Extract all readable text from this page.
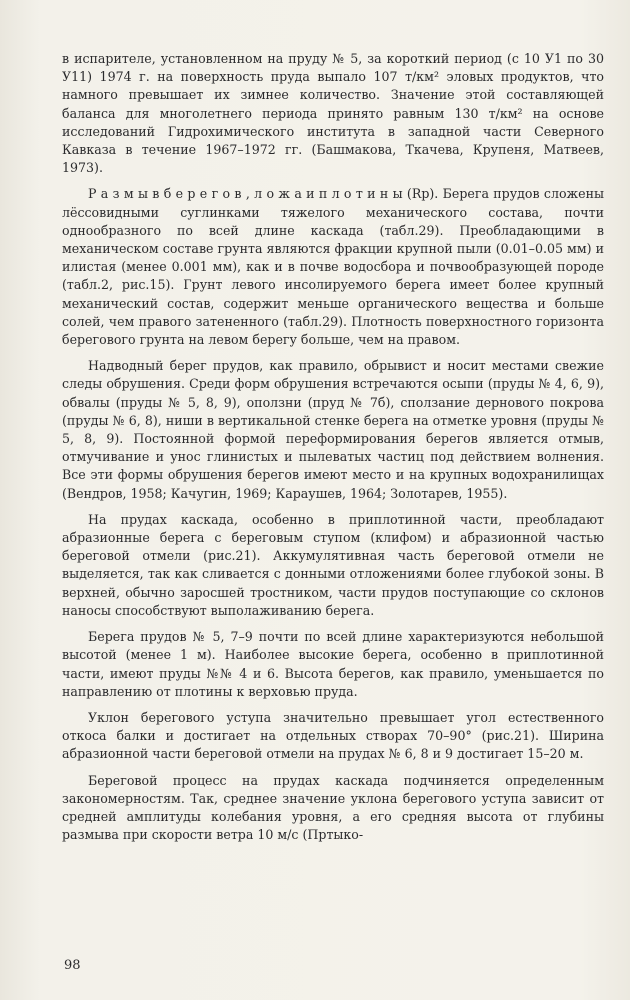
в испарителе, установленном на пруду № 5, за короткий период (с 10 У1 по 30 У11) 1974 г. на поверхность пруда выпало 107 т/км² эловых продуктов, что намного превышает их зимнее количество. Значение этой составляющей баланса для многолетнего периода принято равным 130 т/км² на основе исследований Гидрохимического института в западной части Северного Кавказа в течение 1967–1972 гг. (Башмакова, Ткачева, Крупеня, Матвеев, 1973).

Р а з м ы в б е р е г о в , л о ж а и п л о т и н ы (Rр). Берега прудов сложены лёссовидными суглинками тяжелого механического состава, почти однообразного по всей длине каскада (табл.29). Преобладающими в механическом составе грунта являются фракции крупной пыли (0.01–0.05 мм) и илистая (менее 0.001 мм), как и в почве водосбора и почвообразующей породе (табл.2, рис.15). Грунт левого инсолируемого берега имеет более крупный механический состав, содержит меньше органического вещества и больше солей, чем правого затененного (табл.29). Плотность поверхностного горизонта берегового грунта на левом берегу больше, чем на правом.

Надводный берег прудов, как правило, обрывист и носит местами свежие следы обрушения. Среди форм обрушения встречаются осыпи (пруды № 4, 6, 9), обвалы (пруды № 5, 8, 9), оползни (пруд № 7б), сползание дернового покрова (пруды № 6, 8), ниши в вертикальной стенке берега на отметке уровня (пруды № 5, 8, 9). Постоянной формой переформирования берегов является отмыв, отмучивание и унос глинистых и пылеватых частиц под действием волнения. Все эти формы обрушения берегов имеют место и на крупных водохранилищах (Вендров, 1958; Качугин, 1969; Караушев, 1964; Золотарев, 1955).

На прудах каскада, особенно в приплотинной части, преобладают абразионные берега с береговым ступом (клифом) и абразионной частью береговой отмели (рис.21). Аккумулятивная часть береговой отмели не выделяется, так как сливается с донными отложениями более глубокой зоны. В верхней, обычно заросшей тростником, части прудов поступающие со склонов наносы способствуют выполаживанию берега.

Берега прудов № 5, 7–9 почти по всей длине характеризуются небольшой высотой (менее 1 м). Наиболее высокие берега, особенно в приплотинной части, имеют пруды №№ 4 и 6. Высота берегов, как правило, уменьшается по направлению от плотины к верховью пруда.

Уклон берегового уступа значительно превышает угол естественного откоса балки и достигает на отдельных створах 70–90° (рис.21). Ширина абразионной части береговой отмели на прудах № 6, 8 и 9 достигает 15–20 м.

Береговой процесс на прудах каскада подчиняется определенным закономерностям. Так, среднее значение уклона берегового уступа зависит от средней амплитуды колебания уровня, а его средняя высота от глубины размыва при скорости ветра 10 м/с (Пртыко-

98
